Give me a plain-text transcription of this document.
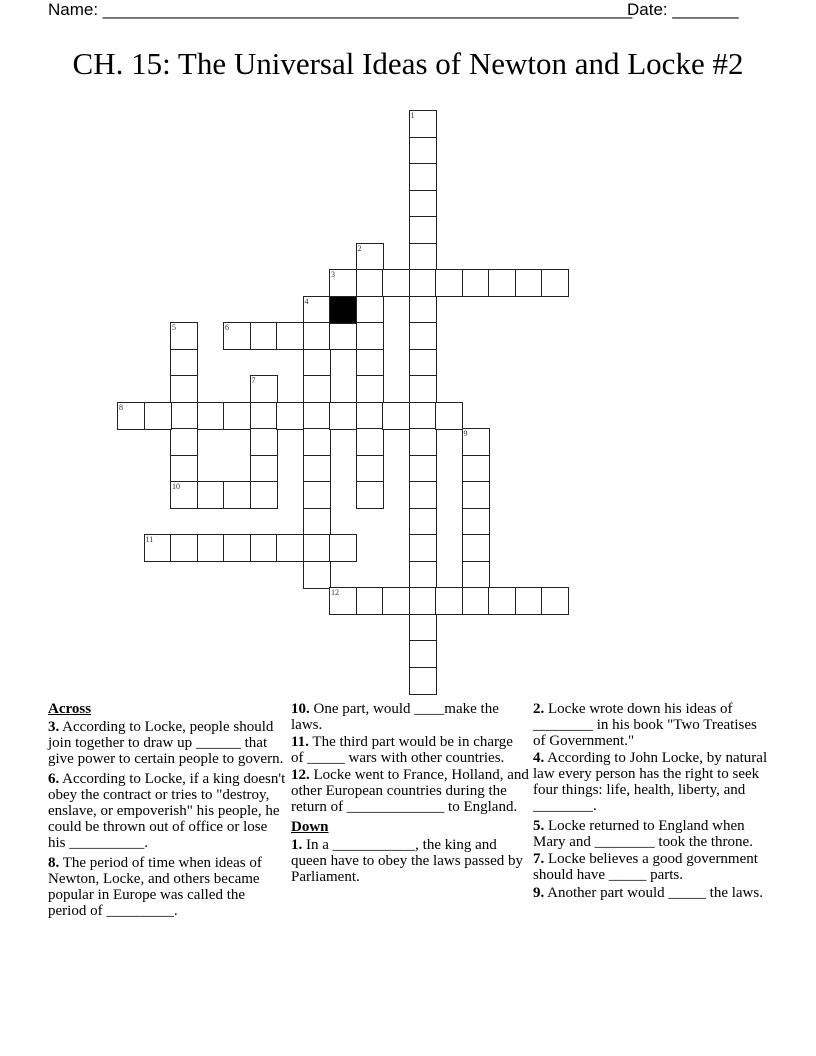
Name: ________________________________________________________
Date: _______
CH. 15: The Universal Ideas of Newton and Locke #2
1
2
3
4
5
10
6
7
8
9
11
12
Across
3. According to Locke, people should join together to draw up ______ that give power to certain people to govern.
6. According to Locke, if a king doesn't obey the contract or tries to "destroy, enslave, or empoverish" his people, he could be thrown out of office or lose his __________.
8. The period of time when ideas of Newton, Locke, and others became popular in Europe was called the period of _________.
10. One part, would ____make the laws.
11. The third part would be in charge of _____ wars with other countries.
12. Locke went to France, Holland, and other European countries during the return of _____________ to England.
Down
1. In a ___________, the king and queen have to obey the laws passed by Parliament.
2. Locke wrote down his ideas of ________ in his book "Two Treatises of Government."
4. According to John Locke, by natural law every person has the right to seek four things: life, health, liberty, and ________.
5. Locke returned to England when Mary and ________ took the throne.
7. Locke believes a good government should have _____ parts.
9. Another part would _____ the laws.
